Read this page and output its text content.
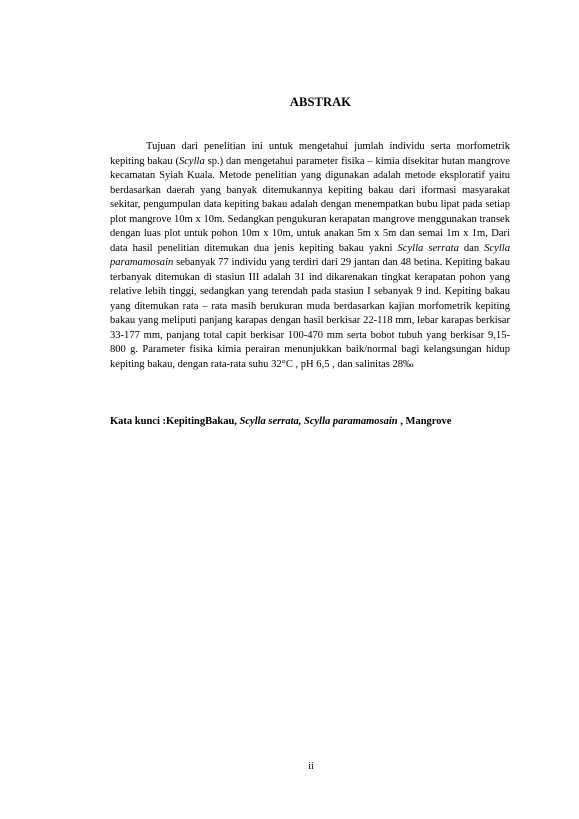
ABSTRAK

Tujuan dari penelitian ini untuk mengetahui jumlah individu serta morfometrik kepiting bakau (Scylla sp.) dan mengetahui parameter fisika – kimia disekitar hutan mangrove kecamatan Syiah Kuala. Metode penelitian yang digunakan adalah metode eksploratif yaitu berdasarkan daerah yang banyak ditemukannya kepiting bakau dari iformasi masyarakat sekitar, pengumpulan data kepiting bakau adalah dengan menempatkan bubu lipat pada setiap plot mangrove 10m x 10m. Sedangkan pengukuran kerapatan mangrove menggunakan transek dengan luas plot untuk pohon 10m x 10m, untuk anakan 5m x 5m dan semai 1m x 1m, Dari data hasil penelitian ditemukan dua jenis kepiting bakau yakni Scylla serrata dan Scylla paramamosain sebanyak 77 individu yang terdiri dari 29 jantan dan 48 betina. Kepiting bakau terbanyak ditemukan di stasiun III adalah 31 ind dikarenakan tingkat kerapatan pohon yang relative lebih tinggi, sedangkan yang terendah pada stasiun I sebanyak 9 ind. Kepiting bakau yang ditemukan rata – rata masih berukuran muda berdasarkan kajian morfometrik kepiting bakau yang meliputi panjang karapas dengan hasil berkisar 22-118 mm, lebar karapas berkisar 33-177 mm, panjang total capit berkisar 100-470 mm serta bobot tubuh yang berkisar 9,15-800 g. Parameter fisika kimia perairan menunjukkan baik/normal bagi kelangsungan hidup kepiting bakau, dengan rata-rata suhu 32°C , pH 6,5 , dan salinitas 28‰

Kata kunci :KepitingBakau, Scylla serrata, Scylla paramamosain , Mangrove
ii
